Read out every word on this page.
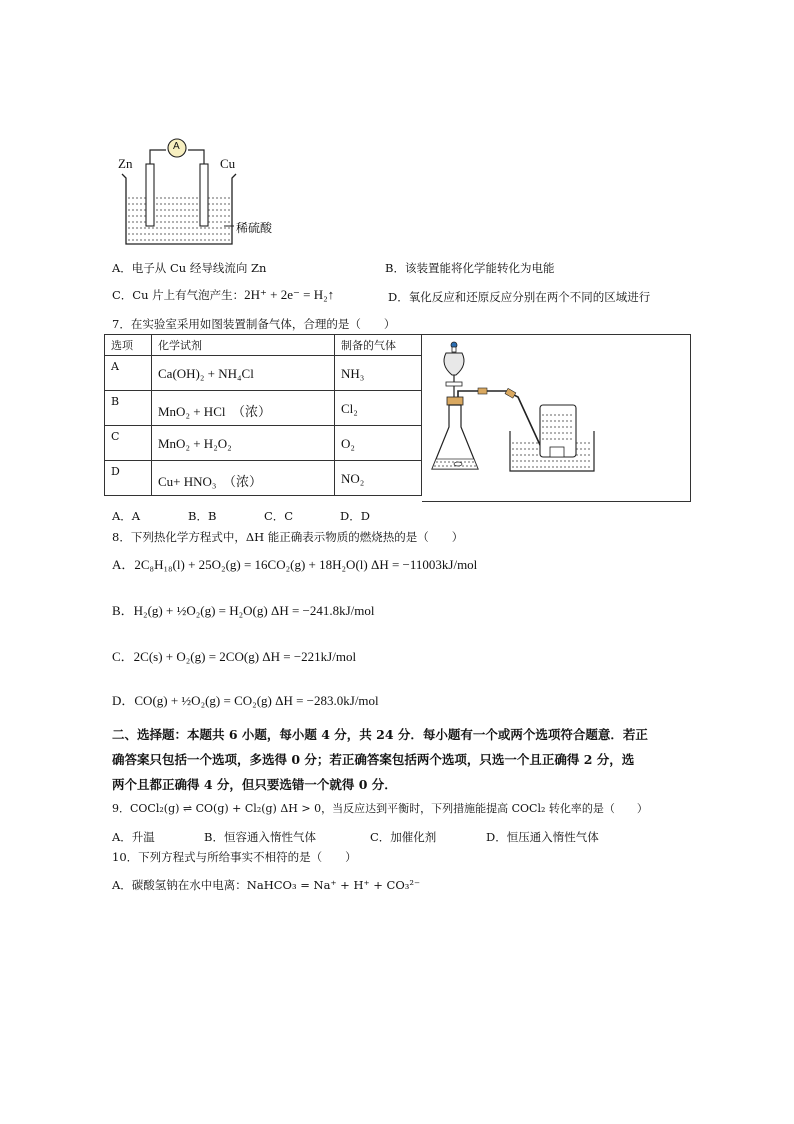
A
Zn	Cu
稀硫酸
A．电子从 Cu 经导线流向 Zn	B．该装置能将化学能转化为电能
C．Cu 片上有气泡产生：2H⁺ + 2e⁻ = H₂↑	D．氧化反应和还原反应分别在两个不同的区域进行
7．在实验室采用如图装置制备气体，合理的是（　　）
选项	化学试剂	制备的气体
A	Ca(OH)₂ + NH₄Cl	NH₃
B	MnO₂ + HCl　（浓）	Cl₂
C	MnO₂ + H₂O₂	O₂
D	Cu+ HNO₃　（浓）	NO₂
A．A	B．B	C．C	D．D
8．下列热化学方程式中，ΔH 能正确表示物质的燃烧热的是（　　）
A．2C₈H₁₈(l) + 25O₂(g) = 16CO₂(g) + 18H₂O(l) ΔH = −11003kJ/mol
B．H₂(g) + ½O₂(g) = H₂O(g) ΔH = −241.8kJ/mol
C．2C(s) + O₂(g) = 2CO(g) ΔH = −221kJ/mol
D．CO(g) + ½O₂(g) = CO₂(g) ΔH = −283.0kJ/mol
二、选择题：本题共 6 小题，每小题 4 分，共 24 分．每小题有一个或两个选项符合题意．若正
确答案只包括一个选项，多选得 0 分；若正确答案包括两个选项，只选一个且正确得 2 分，选
两个且都正确得 4 分，但只要选错一个就得 0 分．
9．COCl₂(g) ⇌ CO(g) + Cl₂(g) ΔH > 0，当反应达到平衡时，下列措施能提高 COCl₂ 转化率的是（　　）
A．升温	B．恒容通入惰性气体	C．加催化剂	D．恒压通入惰性气体
10．下列方程式与所给事实不相符的是（　　）
A．碳酸氢钠在水中电离：NaHCO₃ = Na⁺ + H⁺ + CO₃²⁻
